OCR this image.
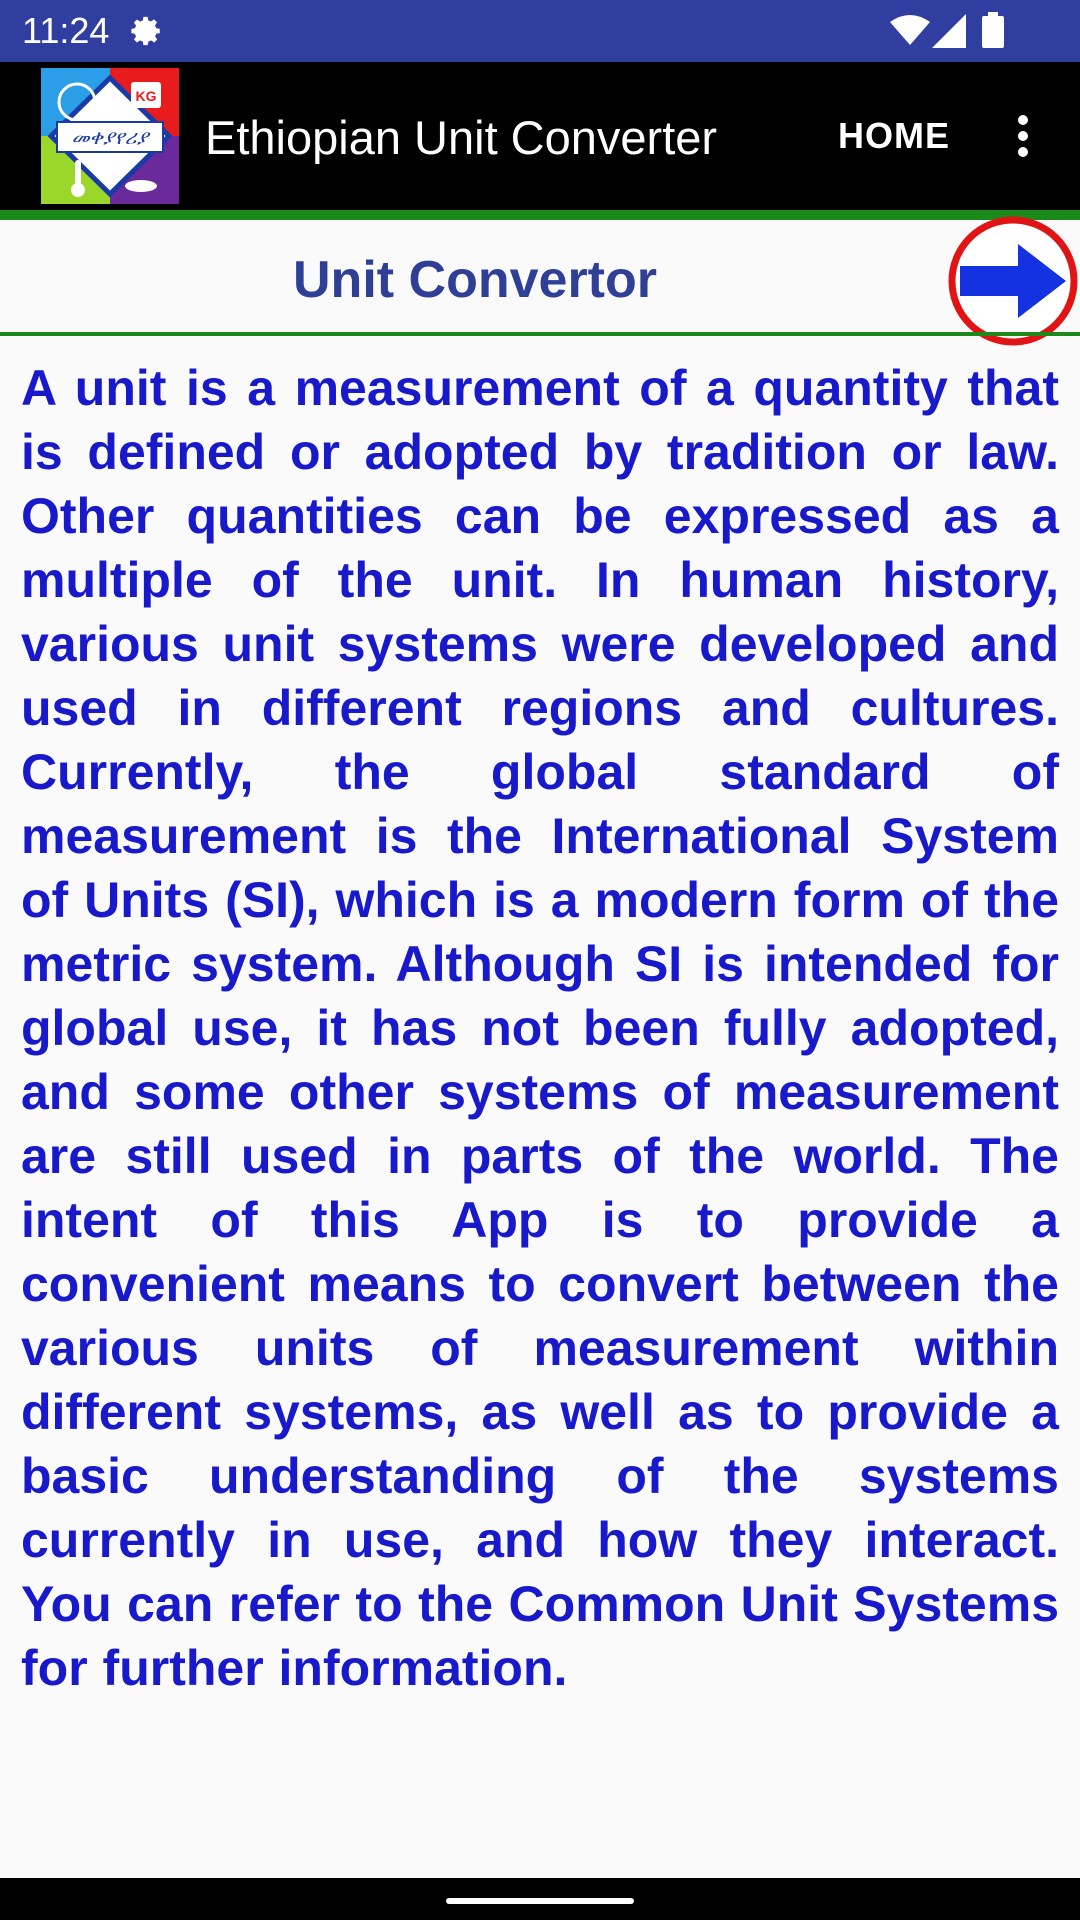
11:24
KG
መቀያየሪያ Ethiopian Unit Converter	HOME
Unit Convertor
A unit is a measurement of a quantity that is defined or adopted by tradition or law. Other quantities can be expressed as a multiple of the unit. In human history, various unit systems were developed and used in different regions and cultures. Currently, the global standard of measurement is the International System of Units (SI), which is a modern form of the metric system. Although SI is intended for global use, it has not been fully adopted, and some other systems of measurement are still used in parts of the world. The intent of this App is to provide a convenient means to convert between the various units of measurement within different systems, as well as to provide a basic understanding of the systems currently in use, and how they interact. You can refer to the Common Unit Systems for further information.
